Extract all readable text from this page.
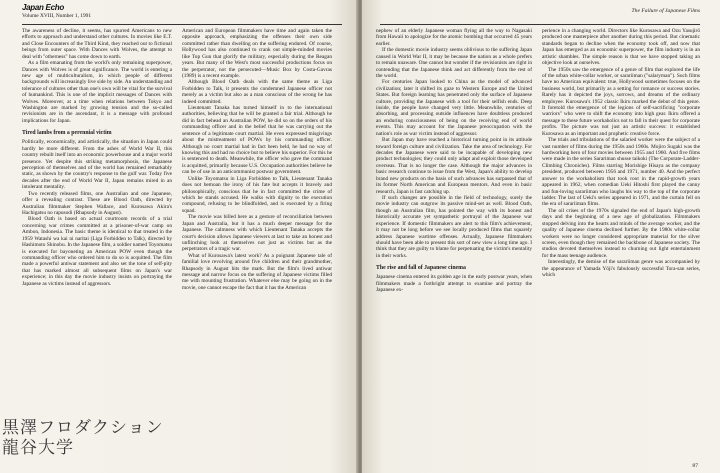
Japan Echo
Volume XVIII, Number 1, 1991

The awareness of decline, it seems, has spurred Americans to new efforts to approach and understand other cultures. In movies like E.T. and Close Encounters of the Third Kind, they reached out to fictional beings from outer space. With Dances with Wolves, the attempt to deal with "otherness" has come down to earth.

As a film emanating from the world's only remaining superpower, Dances with Wolves is of great significance. The world is entering a new age of multiculturalism, in which people of different backgrounds will increasingly live side by side. An understanding and tolerance of cultures other than one's own will be vital for the survival of humankind. This is one of the implicit messages of Dances with Wolves. Moreover, at a time when relations between Tokyo and Washington are marked by growing tension and the so-called revisionists are in the ascendant, it is a message with profound implications for Japan.

Tired lambs from a perennial victim

Politically, economically, and artistically, the situation in Japan could hardly be more different. From the ashes of World War II, this country rebuilt itself into an economic powerhouse and a major world presence. Yet despite this striking metamorphosis, the Japanese perception of themselves and of the world has remained remarkably static, as shown by the country's response to the gulf war. Today five decades after the end of World War II, Japan remains mired in an intolerant mentality.

Two recently released films, one Australian and one Japanese, offer a revealing contrast. These are Blood Oath, directed by Australian filmmaker Stephen Wallace, and Kurosawa Akira's Hachigatsu no rapusodi (Rhapsody in August).

Blood Oath is based on actual courtroom records of a trial concerning war crimes committed at a prisoner-of-war camp on Ambon, Indonesia. The basic theme is identical to that treated in the 1959 Watashi wa kai ni naritai (Liga Forbidden to Talk), directed by Hashimoto Shinobu. In the Japanese film, a soldier named Toyomatsu is executed for bayoneting an American POW even though the commanding officer who ordered him to do so is acquitted. The film made a powerful antiwar statement and also set the tone of self-pity that has marked almost all subsequent films on Japan's war experience; in this day the movie industry insists on portraying the Japanese as victims instead of aggressors.

American and European filmmakers have time and again taken the opposite approach, emphasizing the offenses their own side committed rather than dwelling on the suffering endured. Of course, Hollywood has also continued to crank out simple-minded movies like Top Gun that glorify the military, especially during the Reagan years. But many of the West's most successful productions focus on the perpetrator, not the persecuted—Music Box by Costa-Gavras (1989) is a recent example.

Although Blood Oath deals with the same theme as Liga Forbidden to Talk, it presents the condemned Japanese officer not merely as a victim but also as a man conscious of the wrong he has indeed committed.

Lieutenant Tanaka has turned himself in to the international authorities, believing that he will be granted a fair trial. Although he did in fact behead an Australian POW, he did so on the orders of his commanding officer and in the belief that he was carrying out the sentence of a legitimate court martial. He even expressed misgivings about the mistreatment of POWs by his commanding officer. Although no court martial had in fact been held, he had no way of knowing this and had no choice but to believe his superior. For this he is sentenced to death. Meanwhile, the officer who gave the command is acquitted, primarily because U.S. Occupation authorities believe he can be of use in an anticommunist postwar government.

Unlike Toyomatsu in Liga Forbidden to Talk, Lieutenant Tanaka does not bemoan the irony of his fate but accepts it bravely and philosophically, conscious that he in fact committed the crime of which he stands accused. He walks with dignity to the execution compound, refusing to be blindfolded, and is executed by a firing squad.

The movie was billed here as a gesture of reconciliation between Japan and Australia, but it has a much deeper message for the Japanese. The calmness with which Lieutenant Tanaka accepts the court's decision allows Japanese viewers at last to take an honest and unflinching look at themselves not just as victims but as the perpetrators of a tragic war.

What of Kurosawa's latest work? As a poignant Japanese tale of familial love revolving around five children and their grandmother, Rhapsody in August hits the mark. But the film's lived antiwar message and narrow focus on the suffering of Japanese victims filled me with mounting frustration. Whatever else may be going on in the movie, one cannot escape the fact that it has the American

黒澤フロダクション
龍谷大学
The Failure of Japanese Films

nephew of an elderly Japanese woman flying all the way to Nagasaki from Hawaii to apologize for the atomic bombing that occurred 45 years earlier.

If the domestic movie industry seems oblivious to the suffering Japan caused in World War II, it may be because the nation as a whole prefers to remain unaware. One cannot but wonder if the revisionists are right in contending that the Japanese think and act differently from the rest of the world.

For centuries Japan looked to China as the model of advanced civilization; later it shifted its gaze to Western Europe and the United States. But foreign learning has penetrated only the surface of Japanese culture, providing the Japanese with a tool for their selfish ends. Deep inside, the people have changed very little. Meanwhile, centuries of absorbing, and processing outside influences have doubtless produced an enduring consciousness of being on the receiving end of world events. This may account for the Japanese preoccupation with the nation's role as war victim instead of aggressor.

But Japan may have reached a historical turning point in its attitude toward foreign culture and civilization. Take the area of technology. For decades the Japanese were said to be incapable of developing new product technologies; they could only adapt and exploit those developed overseas. That is no longer the case. Although the major advances in basic research continue to issue from the West, Japan's ability to develop brand new products on the basis of such advances has surpassed that of its former North American and European mentors. And even in basic research, Japan is fast catching up.

If such changes are possible in the field of technology, surely the movie industry can outgrow its passive mind-set as well. Blood Oath, though an Australian film, has pointed the way with its honest and historically accurate yet sympathetic portrayal of the Japanese war experience. If domestic filmmakers are alert to this film's achievement, it may not be long before we see locally produced films that squarely address Japanese wartime offenses. Actually, Japanese filmmakers should have been able to present this sort of new view a long time ago. I think that they are guilty to blame for perpetuating the victim's mentality in their works.

The rise and fall of Japanese cinema

Japanese cinema entered its golden age in the early postwar years, when filmmakers made a forthright attempt to examine and portray the Japanese ex-

perience in a changing world. Directors like Kurosawa and Ozu Yasujirō produced one masterpiece after another during this period. But cinematic standards began to decline when the economy took off, and now that Japan has emerged as an economic superpower, the film industry is in an artistic shambles. The simple reason is that we have stopped taking an objective look at ourselves.

The 1950s saw the emergence of a genre of film that explored the life of the urban white-collar worker, or sarariiman ("salaryman"). Such films have no American equivalent: true, Hollywood sometimes focuses on the business world, but primarily as a setting for romance or success stories. Rarely has it depicted the joys, sorrows, and dreams of the ordinary employee. Kurosawa's 1952 classic Ikiru marked the debut of this genre. It foretold the emergence of the legions of self-sacrificing "corporate warriors" who were to shift the economy into high gear. Ikiru offered a message to these future workaholics not to fall in their quest for corporate profits. The picture was not just an artistic success: it established Kurosawa as an important and prophetic creative force.

The trials and tribulations of the salaried worker were the subject of a vast number of films during the 1950s and 1960s. Mojiro Sugaki was the hardworking hero of four movies between 1955 and 1960. And five films were made in the series Sarariman shusse taikoki (The Corporate-Ladder-Climbing Chronicles). Films starring Morishige Hisaya as the company president, produced between 1956 and 1971, number 40. And the perfect answer to the workaholism that took root in the rapid-growth years appeared in 1962, when comedian Ueki Hitoshi first played the canny and fun-loving sarariiman who laughs his way to the top of the corporate ladder. The last of Ueki's series appeared in 1971, and the curtain fell on the era of sarariiman films.

The oil crises of the 1970s signaled the end of Japan's high-growth days and the beginning of a new age of globalization. Filmmakers stopped delving into the hearts and minds of the average worker, and the quality of Japanese cinema declined further. By the 1980s white-collar workers were no longer considered appropriate material for the silver screen, even though they remained the backbone of Japanese society. The studios devoted themselves instead to churning out light entertainment for the mass teenage audience.

Interestingly, the demise of the sarariiman genre was accompanied by the appearance of Yamada Yōji's fabulously successful Tora-san series, which

87
